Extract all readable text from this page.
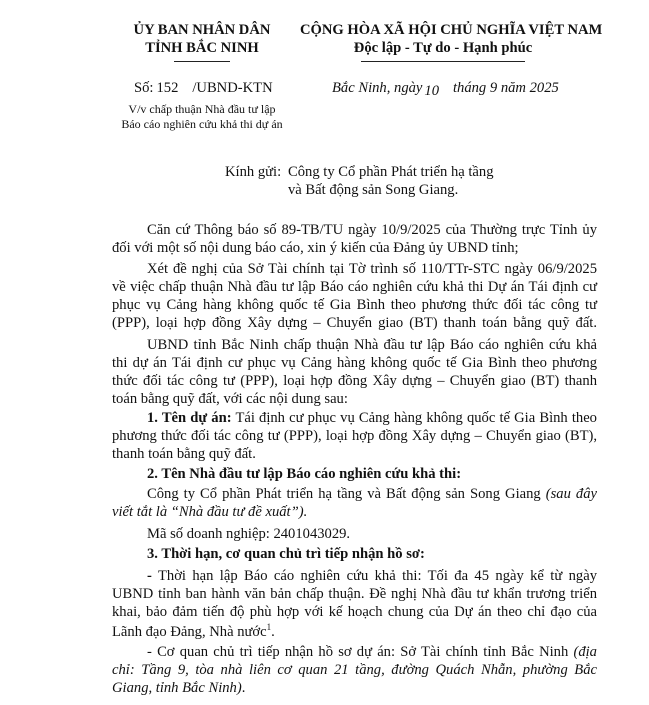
ỦY BAN NHÂN DÂN
TỈNH BẮC NINH
Số: 152 /UBND-KTN
V/v chấp thuận Nhà đầu tư lập
Báo cáo nghiên cứu khả thi dự án
CỘNG HÒA XÃ HỘI CHỦ NGHĨA VIỆT NAM
Độc lập - Tự do - Hạnh phúc
Bắc Ninh, ngày 10 tháng 9 năm 2025
Kính gửi: Công ty Cổ phần Phát triển hạ tầng
và Bất động sản Song Giang.
Căn cứ Thông báo số 89-TB/TU ngày 10/9/2025 của Thường trực Tỉnh ủy
đối với một số nội dung báo cáo, xin ý kiến của Đảng ủy UBND tỉnh;
Xét đề nghị của Sở Tài chính tại Tờ trình số 110/TTr-STC ngày 06/9/2025
về việc chấp thuận Nhà đầu tư lập Báo cáo nghiên cứu khả thi Dự án Tái định cư
phục vụ Cảng hàng không quốc tế Gia Bình theo phương thức đối tác công tư
(PPP), loại hợp đồng Xây dựng – Chuyển giao (BT) thanh toán bằng quỹ đất.
UBND tỉnh Bắc Ninh chấp thuận Nhà đầu tư lập Báo cáo nghiên cứu khả
thi dự án Tái định cư phục vụ Cảng hàng không quốc tế Gia Bình theo phương
thức đối tác công tư (PPP), loại hợp đồng Xây dựng – Chuyển giao (BT) thanh
toán bằng quỹ đất, với các nội dung sau:
1. Tên dự án: Tái định cư phục vụ Cảng hàng không quốc tế Gia Bình theo
phương thức đối tác công tư (PPP), loại hợp đồng Xây dựng – Chuyển giao (BT),
thanh toán bằng quỹ đất.
2. Tên Nhà đầu tư lập Báo cáo nghiên cứu khả thi:
Công ty Cổ phần Phát triển hạ tầng và Bất động sản Song Giang (sau đây
viết tắt là “Nhà đầu tư đề xuất”).
Mã số doanh nghiệp: 2401043029.
3. Thời hạn, cơ quan chủ trì tiếp nhận hồ sơ:
- Thời hạn lập Báo cáo nghiên cứu khả thi: Tối đa 45 ngày kể từ ngày
UBND tỉnh ban hành văn bản chấp thuận. Đề nghị Nhà đầu tư khẩn trương triển
khai, bảo đảm tiến độ phù hợp với kế hoạch chung của Dự án theo chỉ đạo của
Lãnh đạo Đảng, Nhà nước$^1$.
- Cơ quan chủ trì tiếp nhận hồ sơ dự án: Sở Tài chính tỉnh Bắc Ninh (địa
chỉ: Tầng 9, tòa nhà liên cơ quan 21 tầng, đường Quách Nhẫn, phường Bắc
Giang, tỉnh Bắc Ninh).
